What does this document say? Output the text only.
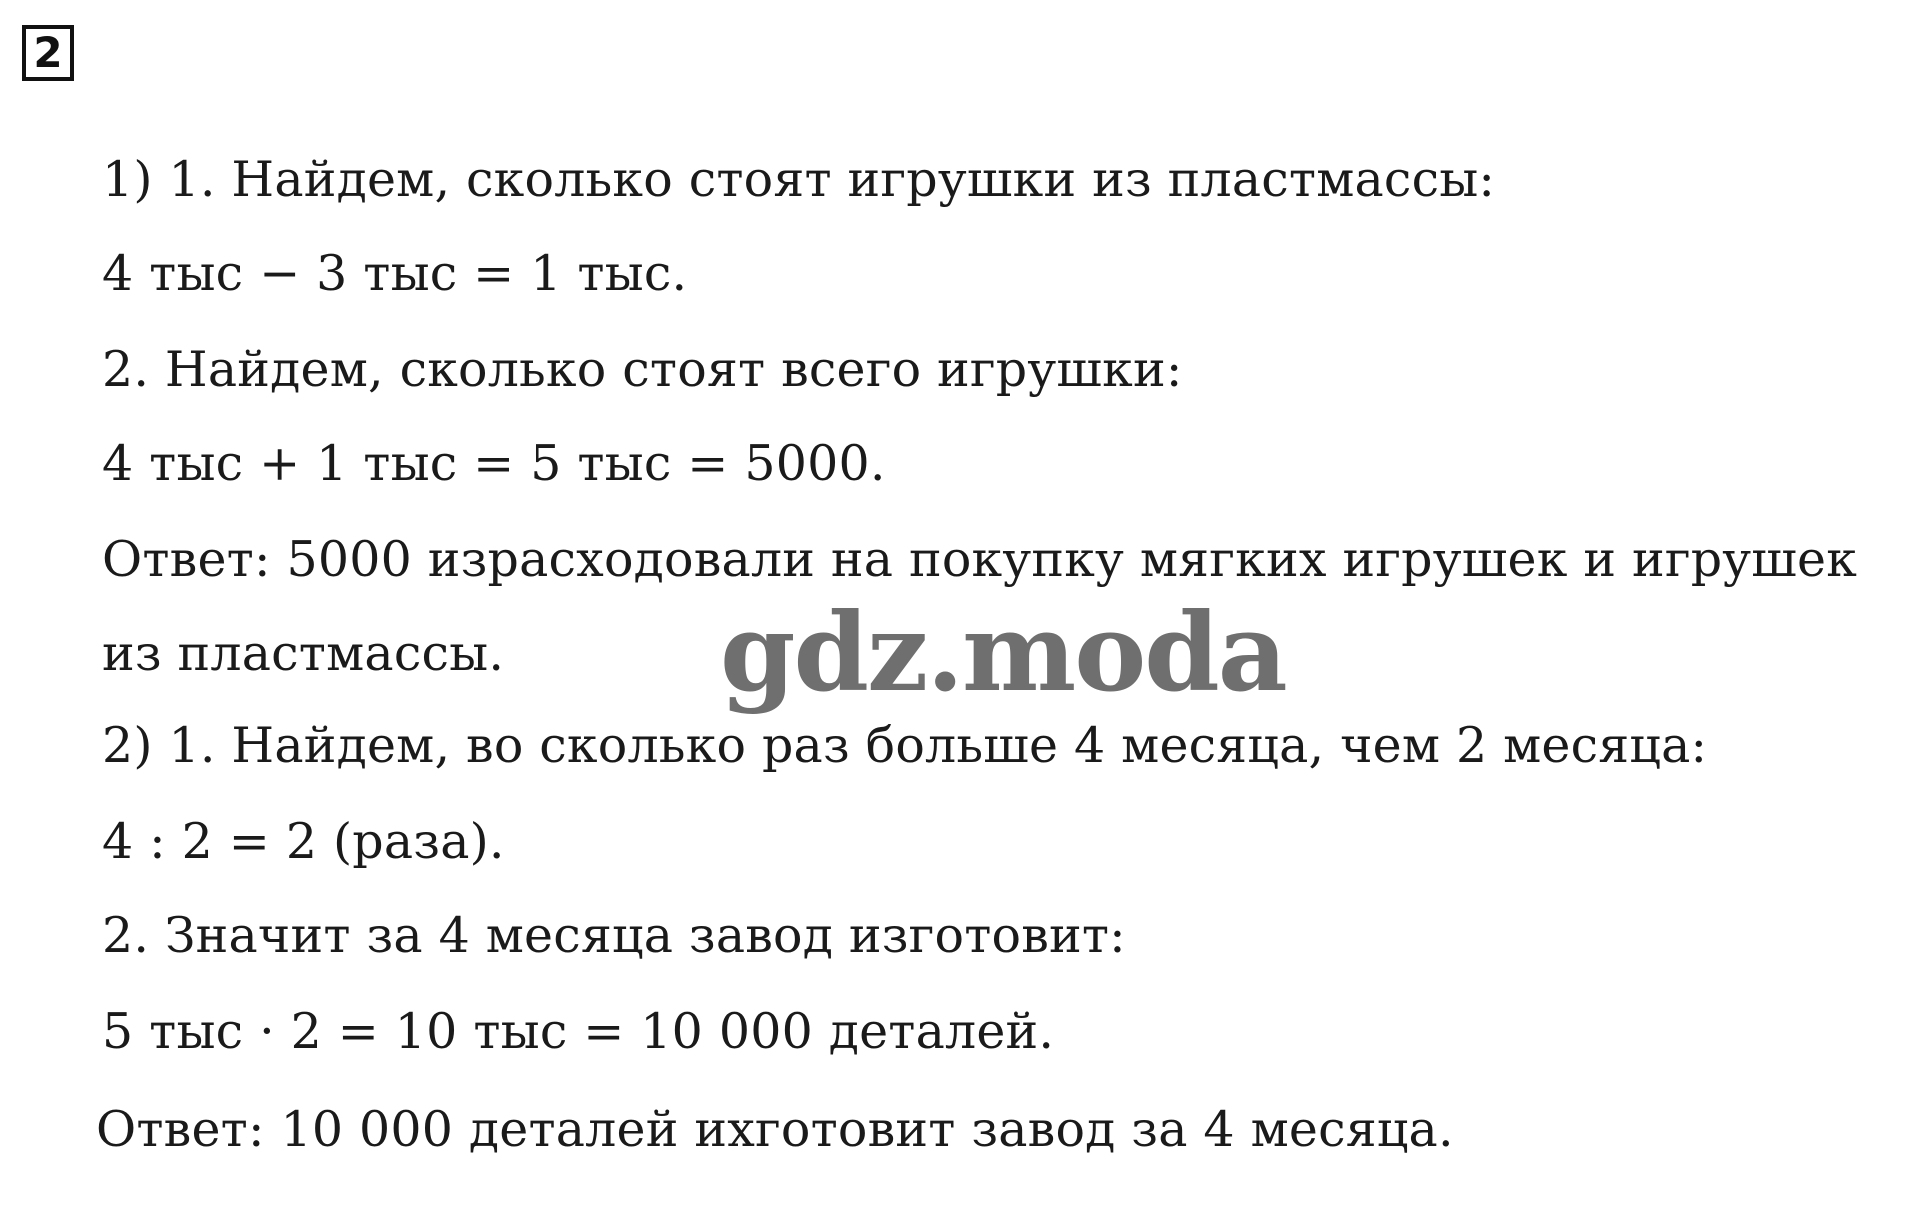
2
1) 1. Найдем, сколько стоят игрушки из пластмассы:
4 тыс − 3 тыс = 1 тыс.
2. Найдем, сколько стоят всего игрушки:
4 тыс + 1 тыс = 5 тыс = 5000.
Ответ: 5000 израсходовали на покупку мягких игрушек и игрушек
из пластмассы.
2) 1. Найдем, во сколько раз больше 4 месяца, чем 2 месяца:
4 : 2 = 2 (раза).
2. Значит за 4 месяца завод изготовит:
5 тыс · 2 = 10 тыс = 10 000 деталей.
Ответ: 10 000 деталей ихготовит завод за 4 месяца.
gdz.moda
